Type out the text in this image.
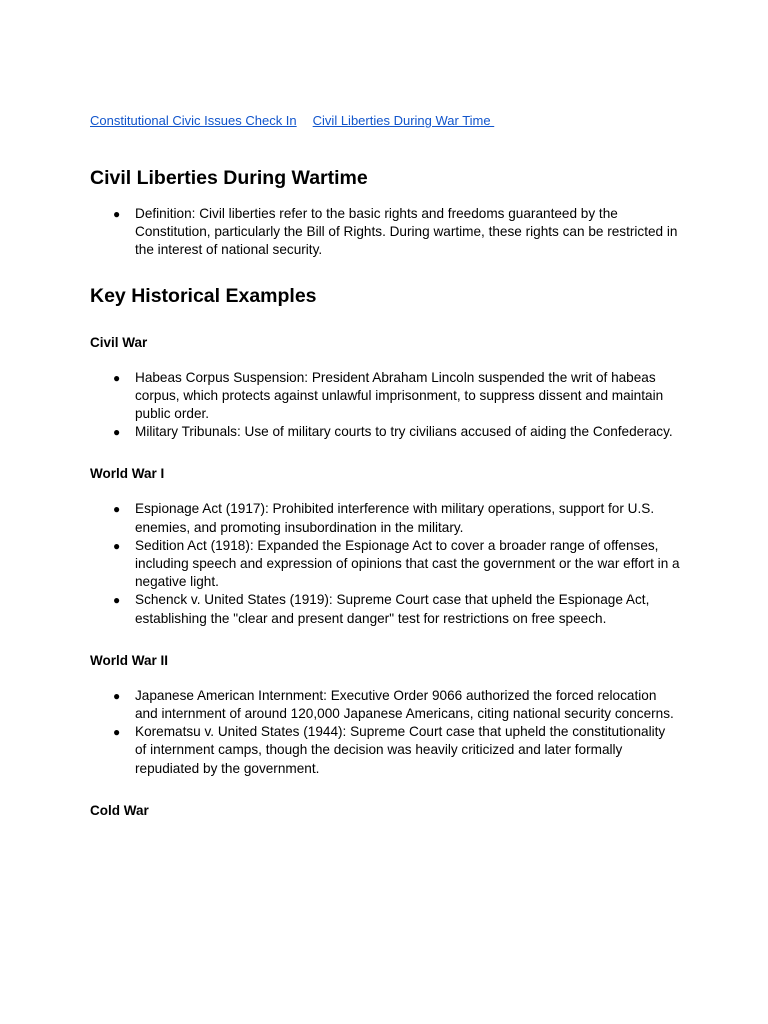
Constitutional Civic Issues Check In Civil Liberties During War Time
Civil Liberties During Wartime
● Definition: Civil liberties refer to the basic rights and freedoms guaranteed by the Constitution, particularly the Bill of Rights. During wartime, these rights can be restricted in the interest of national security.
Key Historical Examples
Civil War
● Habeas Corpus Suspension: President Abraham Lincoln suspended the writ of habeas corpus, which protects against unlawful imprisonment, to suppress dissent and maintain public order.
● Military Tribunals: Use of military courts to try civilians accused of aiding the Confederacy.
World War I
● Espionage Act (1917): Prohibited interference with military operations, support for U.S. enemies, and promoting insubordination in the military.
● Sedition Act (1918): Expanded the Espionage Act to cover a broader range of offenses, including speech and expression of opinions that cast the government or the war effort in a negative light.
● Schenck v. United States (1919): Supreme Court case that upheld the Espionage Act, establishing the "clear and present danger" test for restrictions on free speech.
World War II
● Japanese American Internment: Executive Order 9066 authorized the forced relocation and internment of around 120,000 Japanese Americans, citing national security concerns.
● Korematsu v. United States (1944): Supreme Court case that upheld the constitutionality of internment camps, though the decision was heavily criticized and later formally repudiated by the government.
Cold War
